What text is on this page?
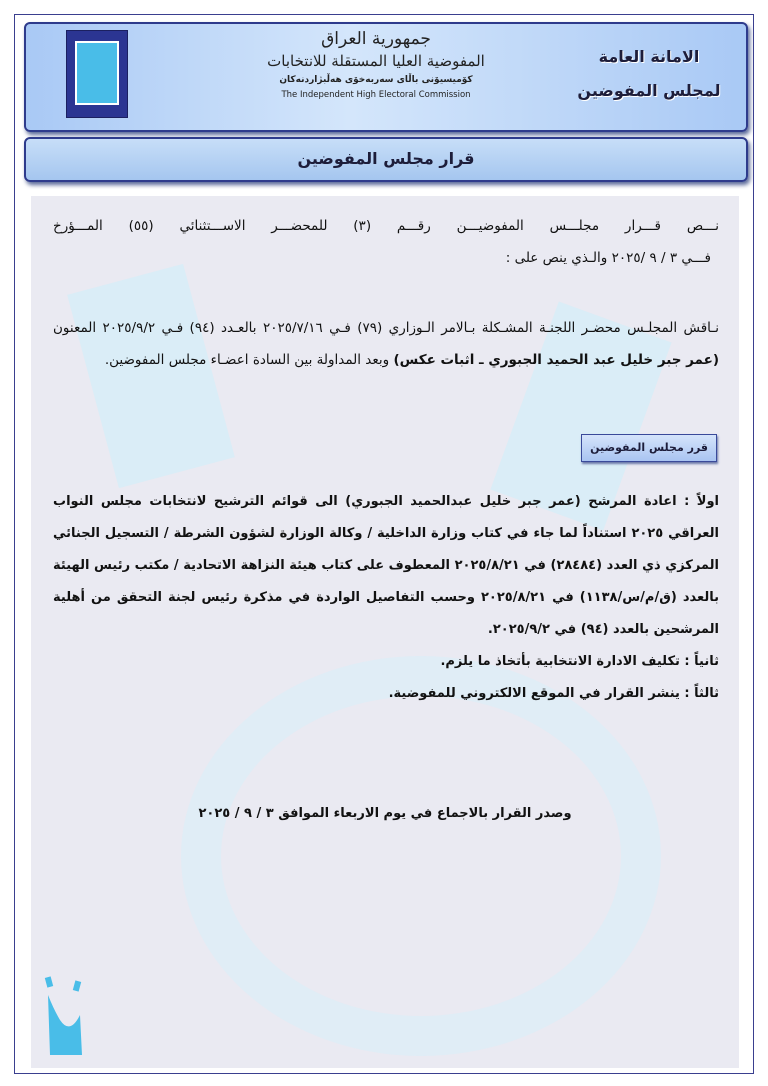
جمهورية العراق
المفوضية العليا المستقلة للانتخابات
كۆمیسیۆنی باڵای سەربەخۆی هەڵبژاردنەکان
The Independent High Electoral Commission
الامانة العامة
لمجلس المفوضين
قرار مجلس المفوضين
نـــص قـــرار مجلـــس المفوضيـــن رقـــم (٣) للمحضـــر الاســـتثنائي (٥٥) المـــؤرخ
فـــي ٣ / ٩ /٢٠٢٥ والـذي ينص على :
نـاقش المجلـس محضـر اللجنـة المشـكلة بـالامر الـوزاري (٧٩) فـي ٢٠٢٥/٧/١٦ بالعـدد (٩٤) فـي ٢٠٢٥/٩/٢ المعنون (عمر جبر خليل عبد الحميد الجبوري ـ اثبات عكس) وبعد المداولة بين السادة اعضـاء مجلس المفوضين.
قرر مجلس المفوضين
اولاً : اعادة المرشح (عمر جبر خليل عبدالحميد الجبوري) الى قوائم الترشيح لانتخابات مجلس النواب العراقي ٢٠٢٥ استناداً لما جاء في كتاب وزارة الداخلية / وكالة الوزارة لشؤون الشرطة / التسجيل الجنائي المركزي ذي العدد (٢٨٤٨٤) في ٢٠٢٥/٨/٢١ المعطوف على كتاب هيئة النزاهة الاتحادية / مكتب رئيس الهيئة بالعدد (ق/م/س/١١٣٨) في ٢٠٢٥/٨/٢١ وحسب التفاصيل الواردة في مذكرة رئيس لجنة التحقق من أهلية المرشحين بالعدد (٩٤) في ٢٠٢٥/٩/٢.
ثانياً : تكليف الادارة الانتخابية بأتخاذ ما يلزم.
ثالثاً : ينشر القرار في الموقع الالكتروني للمفوضية.
وصدر القرار بالاجماع في يوم الاربعاء الموافق ٣ / ٩ / ٢٠٢٥
